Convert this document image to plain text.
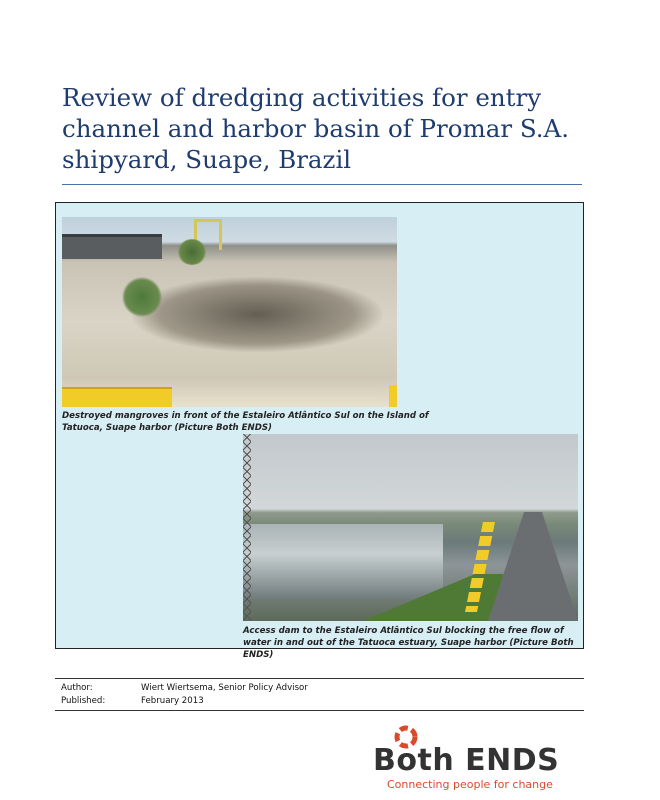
Review of dredging activities for entry channel and harbor basin of Promar S.A. shipyard, Suape, Brazil

Destroyed mangroves in front of the Estaleiro Atlântico Sul on the Island of Tatuoca, Suape harbor (Picture Both ENDS)

Access dam to the Estaleiro Atlântico Sul blocking the free flow of water in and out of the Tatuoca estuary, Suape harbor (Picture Both ENDS)

Author:	Wiert Wiertsema, Senior Policy Advisor
Published:	February 2013
Both ENDS
Connecting people for change
